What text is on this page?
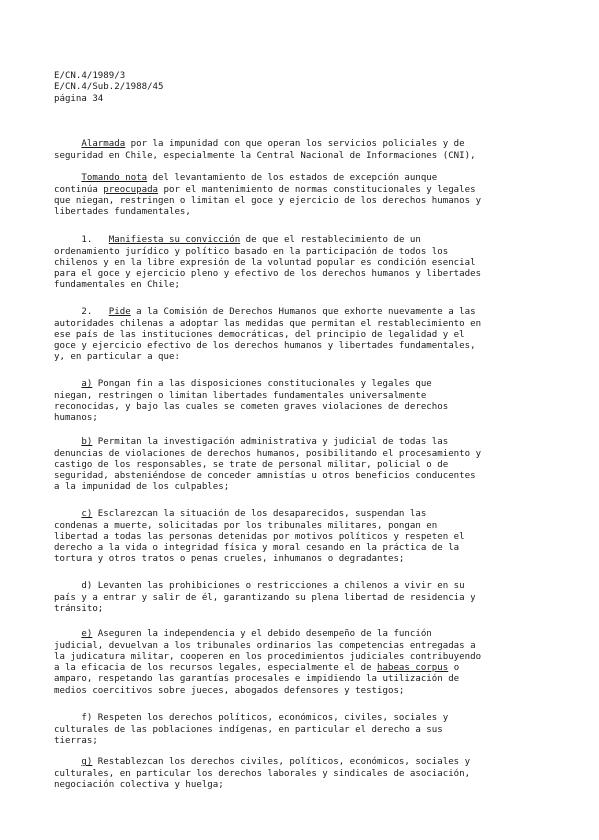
E/CN.4/1989/3
E/CN.4/Sub.2/1988/45
página 34

Alarmada por la impunidad con que operan los servicios policiales y de
seguridad en Chile, especialmente la Central Nacional de Informaciones (CNI),

Tomando nota del levantamiento de los estados de excepción aunque
continúa preocupada por el mantenimiento de normas constitucionales y legales
que niegan, restringen o limitan el goce y ejercicio de los derechos humanos y
libertades fundamentales,

1. Manifiesta su convicción de que el restablecimiento de un
ordenamiento jurídico y político basado en la participación de todos los
chilenos y en la libre expresión de la voluntad popular es condición esencial
para el goce y ejercicio pleno y efectivo de los derechos humanos y libertades
fundamentales en Chile;

2. Pide a la Comisión de Derechos Humanos que exhorte nuevamente a las
autoridades chilenas a adoptar las medidas que permitan el restablecimiento en
ese país de las instituciones democráticas, del principio de legalidad y el
goce y ejercicio efectivo de los derechos humanos y libertades fundamentales,
y, en particular a que:

a) Pongan fin a las disposiciones constitucionales y legales que
niegan, restringen o limitan libertades fundamentales universalmente
reconocidas, y bajo las cuales se cometen graves violaciones de derechos
humanos;

b) Permitan la investigación administrativa y judicial de todas las
denuncias de violaciones de derechos humanos, posibilitando el procesamiento y
castigo de los responsables, se trate de personal militar, policial o de
seguridad, absteniéndose de conceder amnistías u otros beneficios conducentes
a la impunidad de los culpables;

c) Esclarezcan la situación de los desaparecidos, suspendan las
condenas a muerte, solicitadas por los tribunales militares, pongan en
libertad a todas las personas detenidas por motivos políticos y respeten el
derecho a la vida o integridad física y moral cesando en la práctica de la
tortura y otros tratos o penas crueles, inhumanos o degradantes;

d) Levanten las prohibiciones o restricciones a chilenos a vivir en su
país y a entrar y salir de él, garantizando su plena libertad de residencia y
tránsito;

e) Aseguren la independencia y el debido desempeño de la función
judicial, devuelvan a los tribunales ordinarios las competencias entregadas a
la judicatura militar, cooperen en los procedimientos judiciales contribuyendo
a la eficacia de los recursos legales, especialmente el de habeas corpus o
amparo, respetando las garantías procesales e impidiendo la utilización de
medios coercitivos sobre jueces, abogados defensores y testigos;

f) Respeten los derechos políticos, económicos, civiles, sociales y
culturales de las poblaciones indígenas, en particular el derecho a sus
tierras;

g) Restablezcan los derechos civiles, políticos, económicos, sociales y
culturales, en particular los derechos laborales y sindicales de asociación,
negociación colectiva y huelga;
